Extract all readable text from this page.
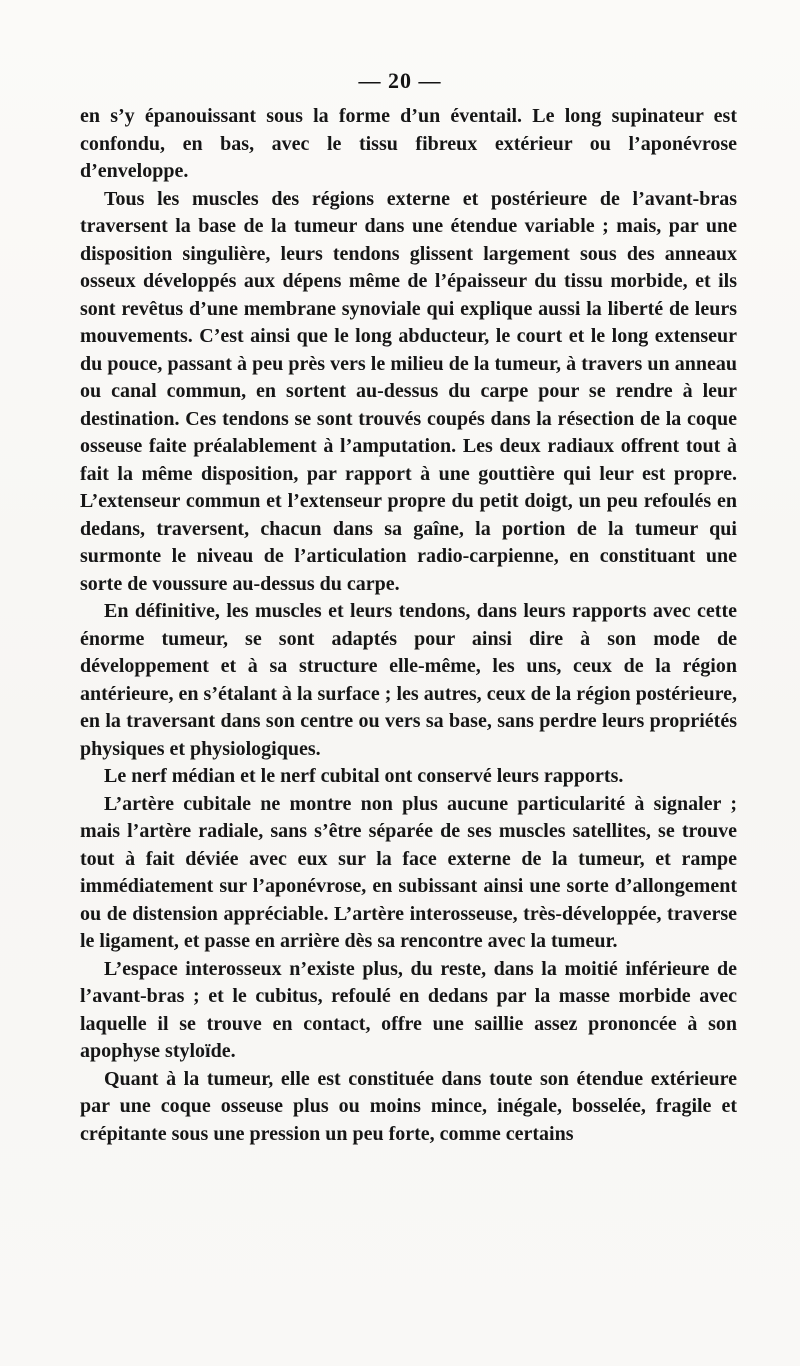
— 20 —

en s’y épanouissant sous la forme d’un éventail. Le long supinateur est confondu, en bas, avec le tissu fibreux extérieur ou l’aponévrose d’enveloppe.

Tous les muscles des régions externe et postérieure de l’avant-bras traversent la base de la tumeur dans une étendue variable ; mais, par une disposition singulière, leurs tendons glissent largement sous des anneaux osseux développés aux dépens même de l’épaisseur du tissu morbide, et ils sont revêtus d’une membrane synoviale qui explique aussi la liberté de leurs mouvements. C’est ainsi que le long abducteur, le court et le long extenseur du pouce, passant à peu près vers le milieu de la tumeur, à travers un anneau ou canal commun, en sortent au-dessus du carpe pour se rendre à leur destination. Ces tendons se sont trouvés coupés dans la résection de la coque osseuse faite préalablement à l’amputation. Les deux radiaux offrent tout à fait la même disposition, par rapport à une gouttière qui leur est propre. L’extenseur commun et l’extenseur propre du petit doigt, un peu refoulés en dedans, traversent, chacun dans sa gaîne, la portion de la tumeur qui surmonte le niveau de l’articulation radio-carpienne, en constituant une sorte de voussure au-dessus du carpe.

En définitive, les muscles et leurs tendons, dans leurs rapports avec cette énorme tumeur, se sont adaptés pour ainsi dire à son mode de développement et à sa structure elle-même, les uns, ceux de la région antérieure, en s’étalant à la surface ; les autres, ceux de la région postérieure, en la traversant dans son centre ou vers sa base, sans perdre leurs propriétés physiques et physiologiques.

Le nerf médian et le nerf cubital ont conservé leurs rapports.

L’artère cubitale ne montre non plus aucune particularité à signaler ; mais l’artère radiale, sans s’être séparée de ses muscles satellites, se trouve tout à fait déviée avec eux sur la face externe de la tumeur, et rampe immédiatement sur l’aponévrose, en subissant ainsi une sorte d’allongement ou de distension appréciable. L’artère interosseuse, très-développée, traverse le ligament, et passe en arrière dès sa rencontre avec la tumeur.

L’espace interosseux n’existe plus, du reste, dans la moitié inférieure de l’avant-bras ; et le cubitus, refoulé en dedans par la masse morbide avec laquelle il se trouve en contact, offre une saillie assez prononcée à son apophyse styloïde.

Quant à la tumeur, elle est constituée dans toute son étendue extérieure par une coque osseuse plus ou moins mince, inégale, bosselée, fragile et crépitante sous une pression un peu forte, comme certains
